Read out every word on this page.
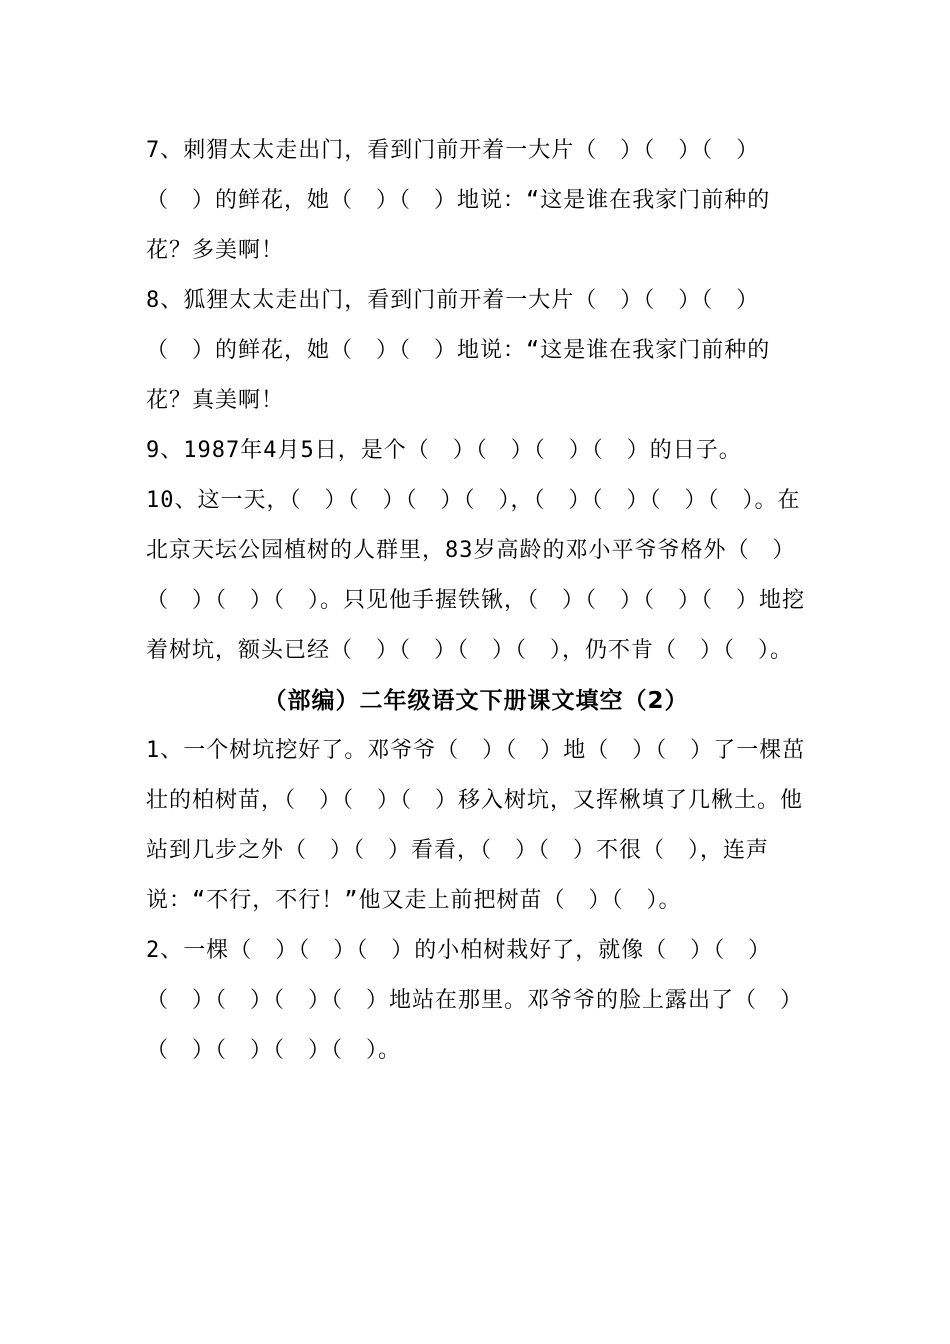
7、刺猬太太走出门，看到门前开着一大片（　）（　）（　）（　）的鲜花，她（　）（　）地说：“这是谁在我家门前种的花？多美啊！

8、狐狸太太走出门，看到门前开着一大片（　）（　）（　）（　）的鲜花，她（　）（　）地说：“这是谁在我家门前种的花？真美啊！

9、1987年4月5日，是个（　）（　）（　）（　）的日子。

10、这一天，（　）（　）（　）（　），（　）（　）（　）（　）。在北京天坛公园植树的人群里，83岁高龄的邓小平爷爷格外（　）（　）（　）（　）。只见他手握铁锹，（　）（　）（　）（　）地挖着树坑，额头已经（　）（　）（　）（　），仍不肯（　）（　）。

（部编）二年级语文下册课文填空（2）

1、一个树坑挖好了。邓爷爷（　）（　）地（　）（　）了一棵茁壮的柏树苗，（　）（　）（　）移入树坑，又挥楸填了几楸土。他站到几步之外（　）（　）看看，（　）（　）不很（　），连声说：“不行，不行！”他又走上前把树苗（　）（　）。

2、一棵（　）（　）（　）的小柏树栽好了，就像（　）（　）（　）（　）（　）（　）地站在那里。邓爷爷的脸上露出了（　）（　）（　）（　）（　）。
